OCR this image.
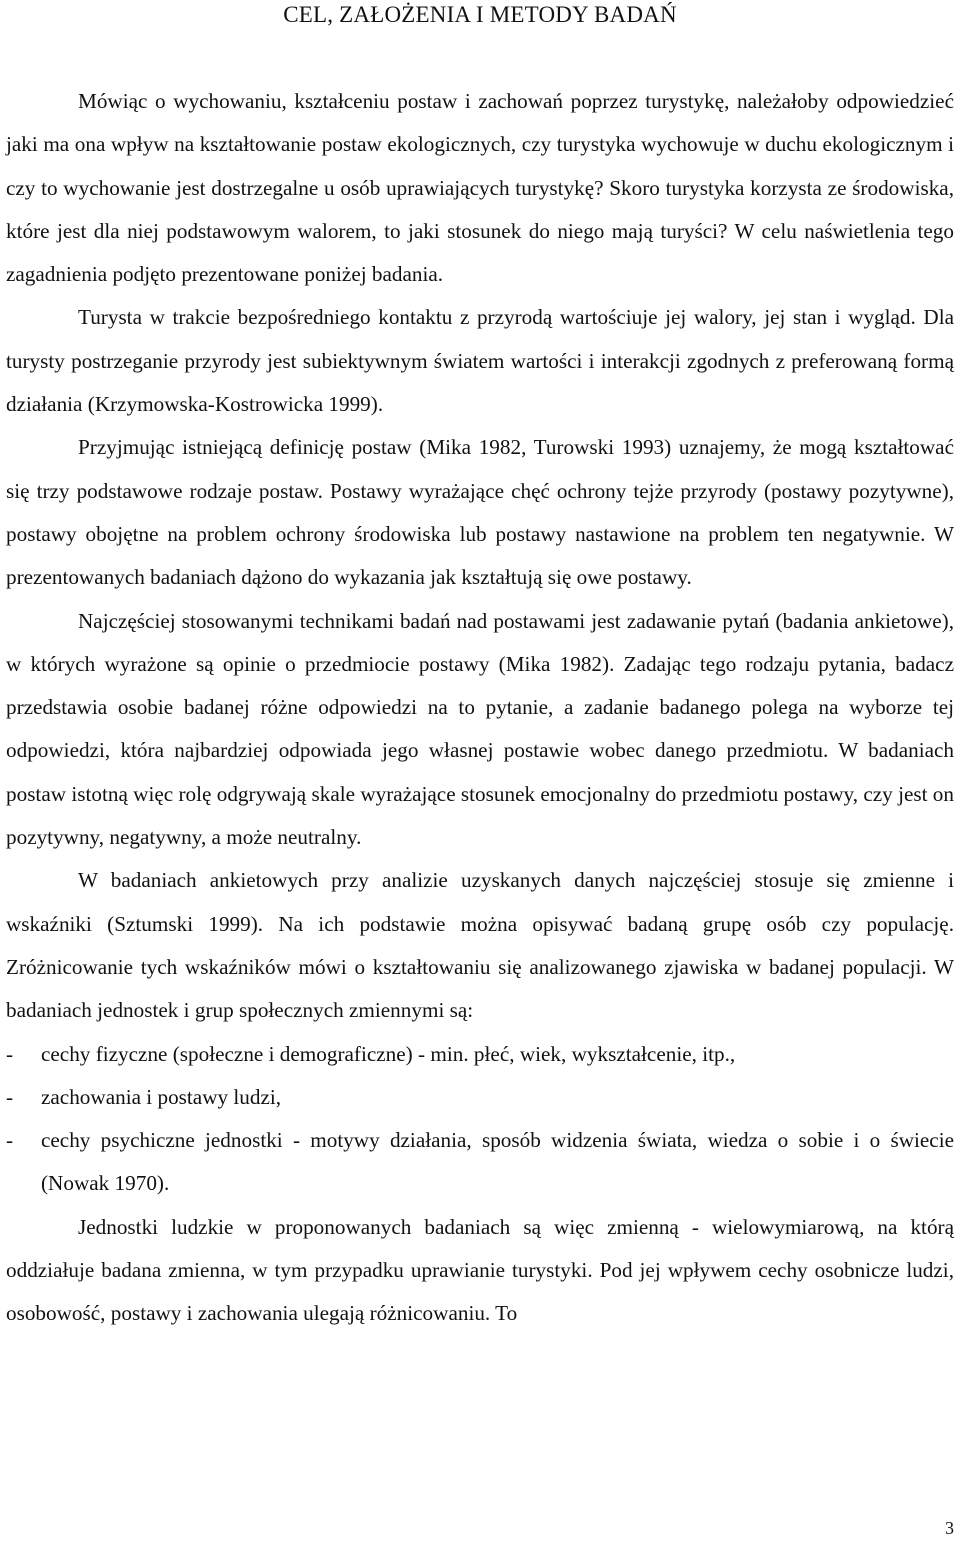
CEL, ZAŁOŻENIA I METODY BADAŃ

Mówiąc o wychowaniu, kształceniu postaw i zachowań poprzez turystykę, należałoby odpowiedzieć jaki ma ona wpływ na kształtowanie postaw ekologicznych, czy turystyka wychowuje w duchu ekologicznym i czy to wychowanie jest dostrzegalne u osób uprawiających turystykę? Skoro turystyka korzysta ze środowiska, które jest dla niej podstawowym walorem, to jaki stosunek do niego mają turyści? W celu naświetlenia tego zagadnienia podjęto prezentowane poniżej badania.

Turysta w trakcie bezpośredniego kontaktu z przyrodą wartościuje jej walory, jej stan i wygląd. Dla turysty postrzeganie przyrody jest subiektywnym światem wartości i interakcji zgodnych z preferowaną formą działania (Krzymowska-Kostrowicka 1999).

Przyjmując istniejącą definicję postaw (Mika 1982, Turowski 1993) uznajemy, że mogą kształtować się trzy podstawowe rodzaje postaw. Postawy wyrażające chęć ochrony tejże przyrody (postawy pozytywne), postawy obojętne na problem ochrony środowiska lub postawy nastawione na problem ten negatywnie. W prezentowanych badaniach dążono do wykazania jak kształtują się owe postawy.

Najczęściej stosowanymi technikami badań nad postawami jest zadawanie pytań (badania ankietowe), w których wyrażone są opinie o przedmiocie postawy (Mika 1982). Zadając tego rodzaju pytania, badacz przedstawia osobie badanej różne odpowiedzi na to pytanie, a zadanie badanego polega na wyborze tej odpowiedzi, która najbardziej odpowiada jego własnej postawie wobec danego przedmiotu. W badaniach postaw istotną więc rolę odgrywają skale wyrażające stosunek emocjonalny do przedmiotu postawy, czy jest on pozytywny, negatywny, a może neutralny.

W badaniach ankietowych przy analizie uzyskanych danych najczęściej stosuje się zmienne i wskaźniki (Sztumski 1999). Na ich podstawie można opisywać badaną grupę osób czy populację. Zróżnicowanie tych wskaźników mówi o kształtowaniu się analizowanego zjawiska w badanej populacji. W badaniach jednostek i grup społecznych zmiennymi są:

- cechy fizyczne (społeczne i demograficzne) - min. płeć, wiek, wykształcenie, itp.,
- zachowania i postawy ludzi,
- cechy psychiczne jednostki - motywy działania, sposób widzenia świata, wiedza o sobie i o świecie (Nowak 1970).

Jednostki ludzkie w proponowanych badaniach są więc zmienną - wielowymiarową, na którą oddziałuje badana zmienna, w tym przypadku uprawianie turystyki. Pod jej wpływem cechy osobnicze ludzi, osobowość, postawy i zachowania ulegają różnicowaniu. To

3
